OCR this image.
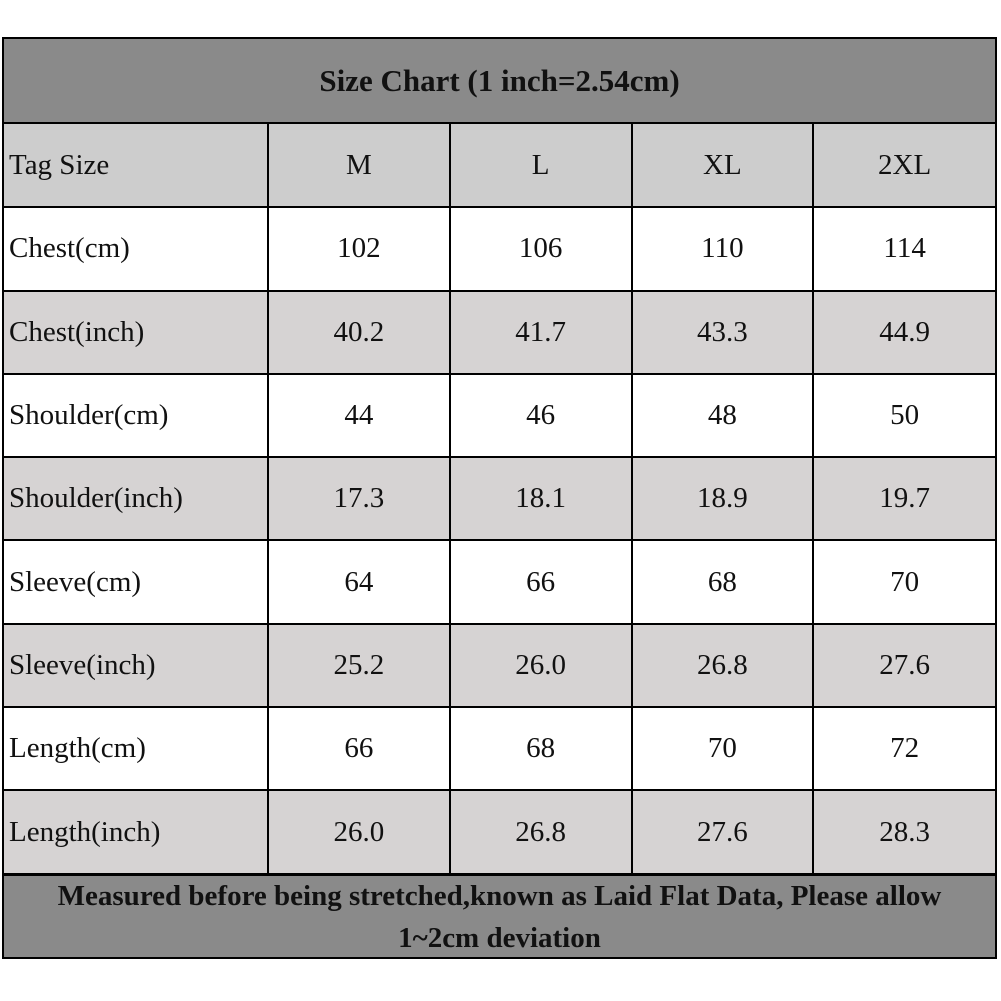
Size Chart (1 inch=2.54cm)
Tag Size	M	L	XL	2XL
Chest(cm)	102	106	110	114
Chest(inch)	40.2	41.7	43.3	44.9
Shoulder(cm)	44	46	48	50
Shoulder(inch)	17.3	18.1	18.9	19.7
Sleeve(cm)	64	66	68	70
Sleeve(inch)	25.2	26.0	26.8	27.6
Length(cm)	66	68	70	72
Length(inch)	26.0	26.8	27.6	28.3
Measured before being stretched,known as Laid Flat Data, Please allow 1~2cm deviation
